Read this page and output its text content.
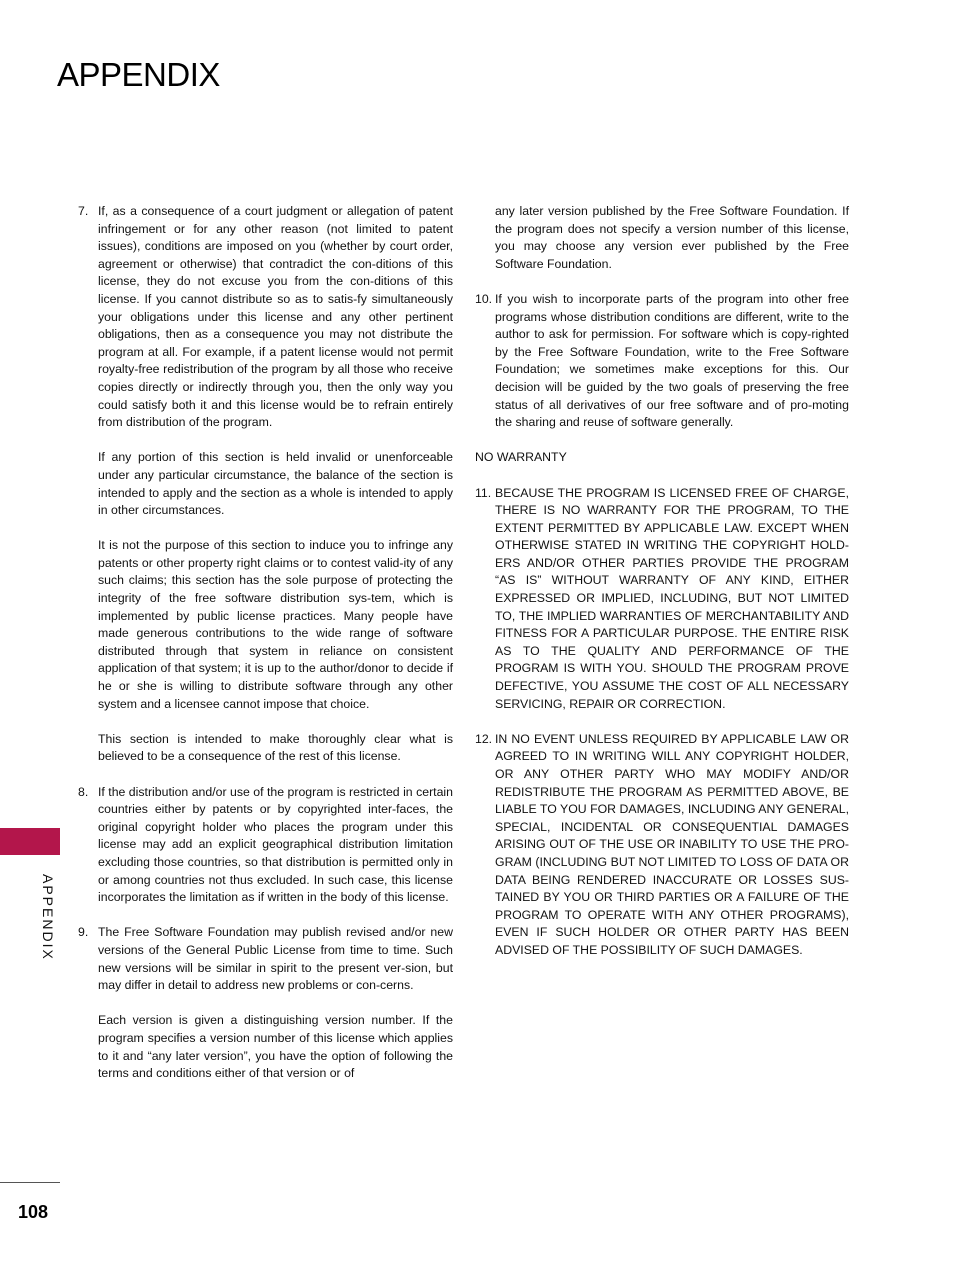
APPENDIX
7. If, as a consequence of a court judgment or allegation of patent infringement or for any other reason (not limited to patent issues), conditions are imposed on you (whether by court order, agreement or otherwise) that contradict the con-ditions of this license, they do not excuse you from the con-ditions of this license. If you cannot distribute so as to satis-fy simultaneously your obligations under this license and any other pertinent obligations, then as a consequence you may not distribute the program at all. For example, if a patent license would not permit royalty-free redistribution of the program by all those who receive copies directly or indirectly through you, then the only way you could satisfy both it and this license would be to refrain entirely from distribution of the program.
If any portion of this section is held invalid or unenforceable under any particular circumstance, the balance of the section is intended to apply and the section as a whole is intended to apply in other circumstances.
It is not the purpose of this section to induce you to infringe any patents or other property right claims or to contest valid-ity of any such claims; this section has the sole purpose of protecting the integrity of the free software distribution sys-tem, which is implemented by public license practices. Many people have made generous contributions to the wide range of software distributed through that system in reliance on consistent application of that system; it is up to the author/donor to decide if he or she is willing to distribute software through any other system and a licensee cannot impose that choice.
This section is intended to make thoroughly clear what is believed to be a consequence of the rest of this license.
8. If the distribution and/or use of the program is restricted in certain countries either by patents or by copyrighted inter-faces, the original copyright holder who places the program under this license may add an explicit geographical distribution limitation excluding those countries, so that distribution is permitted only in or among countries not thus excluded. In such case, this license incorporates the limitation as if written in the body of this license.
9. The Free Software Foundation may publish revised and/or new versions of the General Public License from time to time. Such new versions will be similar in spirit to the present ver-sion, but may differ in detail to address new problems or con-cerns.
Each version is given a distinguishing version number. If the program specifies a version number of this license which applies to it and “any later version”, you have the option of following the terms and conditions either of that version or of
any later version published by the Free Software Foundation. If the program does not specify a version number of this license, you may choose any version ever published by the Free Software Foundation.
10. If you wish to incorporate parts of the program into other free programs whose distribution conditions are different, write to the author to ask for permission. For software which is copy-righted by the Free Software Foundation, write to the Free Software Foundation; we sometimes make exceptions for this. Our decision will be guided by the two goals of preserving the free status of all derivatives of our free software and of pro-moting the sharing and reuse of software generally.
NO WARRANTY
11. BECAUSE THE PROGRAM IS LICENSED FREE OF CHARGE, THERE IS NO WARRANTY FOR THE PROGRAM, TO THE EXTENT PERMITTED BY APPLICABLE LAW. EXCEPT WHEN OTHERWISE STATED IN WRITING THE COPYRIGHT HOLD-ERS AND/OR OTHER PARTIES PROVIDE THE PROGRAM “AS IS” WITHOUT WARRANTY OF ANY KIND, EITHER EXPRESSED OR IMPLIED, INCLUDING, BUT NOT LIMITED TO, THE IMPLIED WARRANTIES OF MERCHANTABILITY AND FITNESS FOR A PARTICULAR PURPOSE. THE ENTIRE RISK AS TO THE QUALITY AND PERFORMANCE OF THE PROGRAM IS WITH YOU. SHOULD THE PROGRAM PROVE DEFECTIVE, YOU ASSUME THE COST OF ALL NECESSARY SERVICING, REPAIR OR CORRECTION.
12. IN NO EVENT UNLESS REQUIRED BY APPLICABLE LAW OR AGREED TO IN WRITING WILL ANY COPYRIGHT HOLDER, OR ANY OTHER PARTY WHO MAY MODIFY AND/OR REDISTRIBUTE THE PROGRAM AS PERMITTED ABOVE, BE LIABLE TO YOU FOR DAMAGES, INCLUDING ANY GENERAL, SPECIAL, INCIDENTAL OR CONSEQUENTIAL DAMAGES ARISING OUT OF THE USE OR INABILITY TO USE THE PRO-GRAM (INCLUDING BUT NOT LIMITED TO LOSS OF DATA OR DATA BEING RENDERED INACCURATE OR LOSSES SUS-TAINED BY YOU OR THIRD PARTIES OR A FAILURE OF THE PROGRAM TO OPERATE WITH ANY OTHER PROGRAMS), EVEN IF SUCH HOLDER OR OTHER PARTY HAS BEEN ADVISED OF THE POSSIBILITY OF SUCH DAMAGES.
APPENDIX
108
